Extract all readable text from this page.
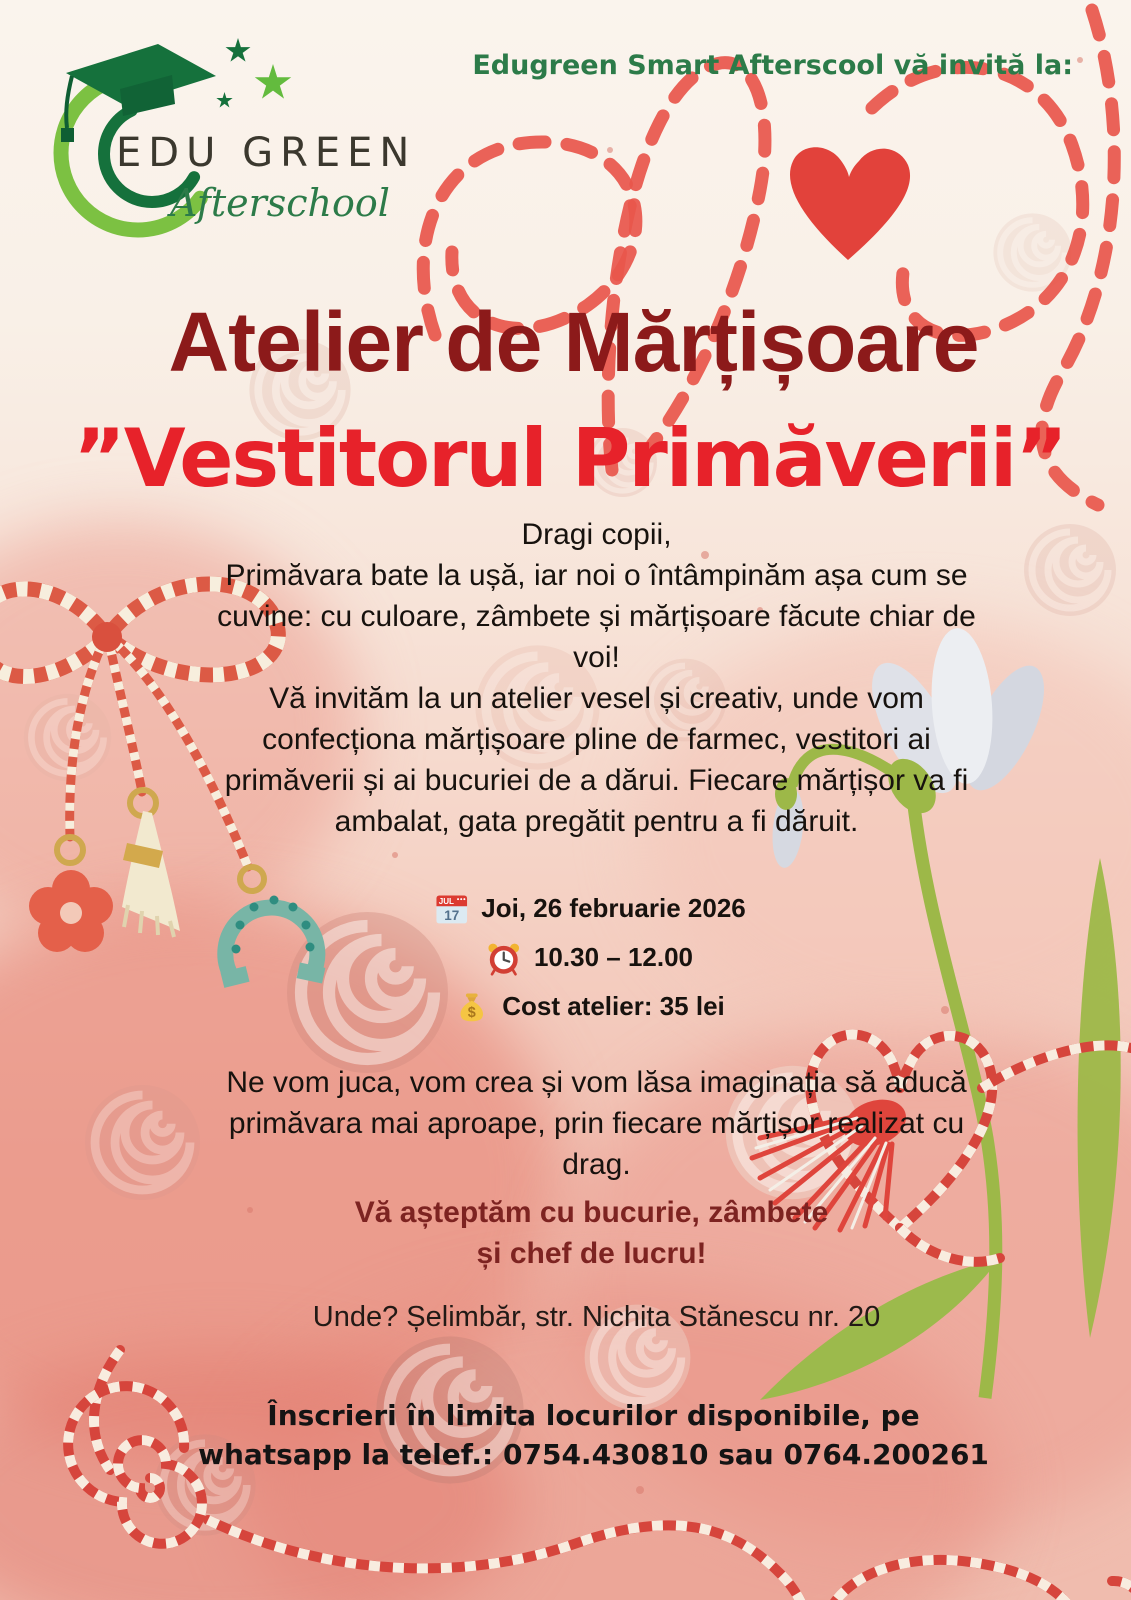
EDU GREEN
Afterschool
Edugreen Smart Afterscool vă invită la:
Atelier de Mărțișoare
”Vestitorul Primăverii”

Dragi copii,

Primăvara bate la ușă, iar noi o întâmpinăm așa cum se cuvine: cu culoare, zâmbete și mărțișoare făcute chiar de voi!

Vă invităm la un atelier vesel și creativ, unde vom confecționa mărțișoare pline de farmec, vestitori ai primăverii și ai bucuriei de a dărui. Fiecare mărțișor va fi ambalat, gata pregătit pentru a fi dăruit.

JUL
17 Joi, 26 februarie 2026
10.30 – 12.00
$ Cost atelier: 35 lei

Ne vom juca, vom crea și vom lăsa imaginația să aducă primăvara mai aproape, prin fiecare mărțișor realizat cu drag.

Vă așteptăm cu bucurie, zâmbete
și chef de lucru!
Unde? Șelimbăr, str. Nichita Stănescu nr. 20
Înscrieri în limita locurilor disponibile, pe
whatsapp la telef.: 0754.430810 sau 0764.200261
